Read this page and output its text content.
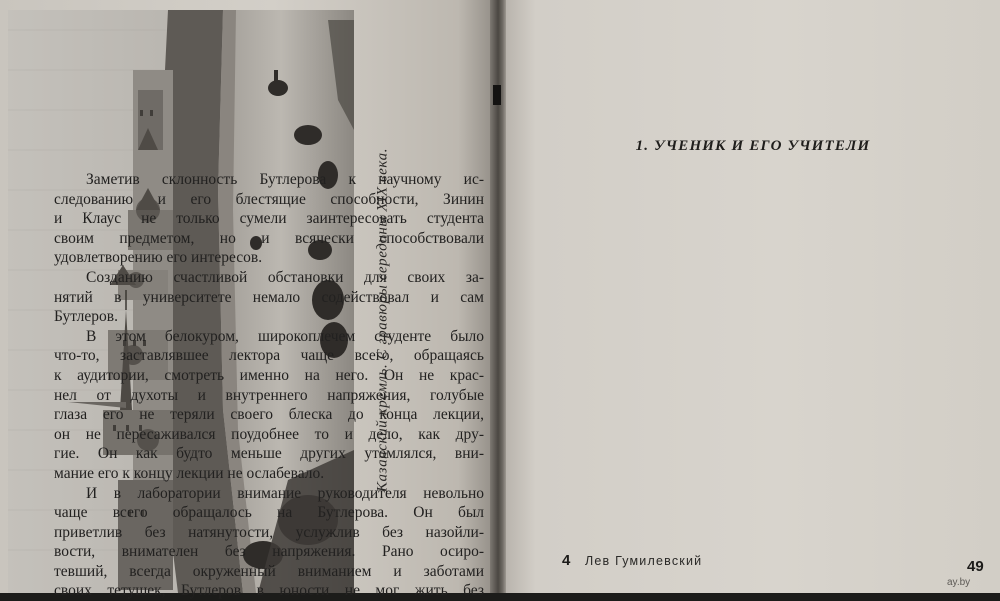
Казанский кремль. С гравюры середины XIX века.
1. УЧЕНИК И ЕГО УЧИТЕЛИ
Заметив склонность Бутлерова к научному ис-
следованию и его блестящие способности, Зинин
и Клаус не только сумели заинтересовать студента
своим предметом, но и всячески способствовали
удовлетворению его интересов.
Созданию счастливой обстановки для своих за-
нятий в университете немало содействовал и сам
Бутлеров.
В этом белокуром, широкоплечем студенте было
что-то, заставлявшее лектора чаще всего, обращаясь
к аудитории, смотреть именно на него. Он не крас-
нел от духоты и внутреннего напряжения, голубые
глаза его не теряли своего блеска до конца лекции,
он не пересаживался поудобнее то и дело, как дру-
гие. Он как будто меньше других утомлялся, вни-
мание его к концу лекции не ослабевало.
И в лаборатории внимание руководителя невольно
чаще всего обращалось на Бутлерова. Он был
приветлив без натянутости, услужлив без назойли-
вости, внимателен без напряжения. Рано осиро-
тевший, всегда окруженный вниманием и заботами
своих тетушек, Бутлеров в юности не мог жить без
4 Лев Гумилевский	49
ay.by
